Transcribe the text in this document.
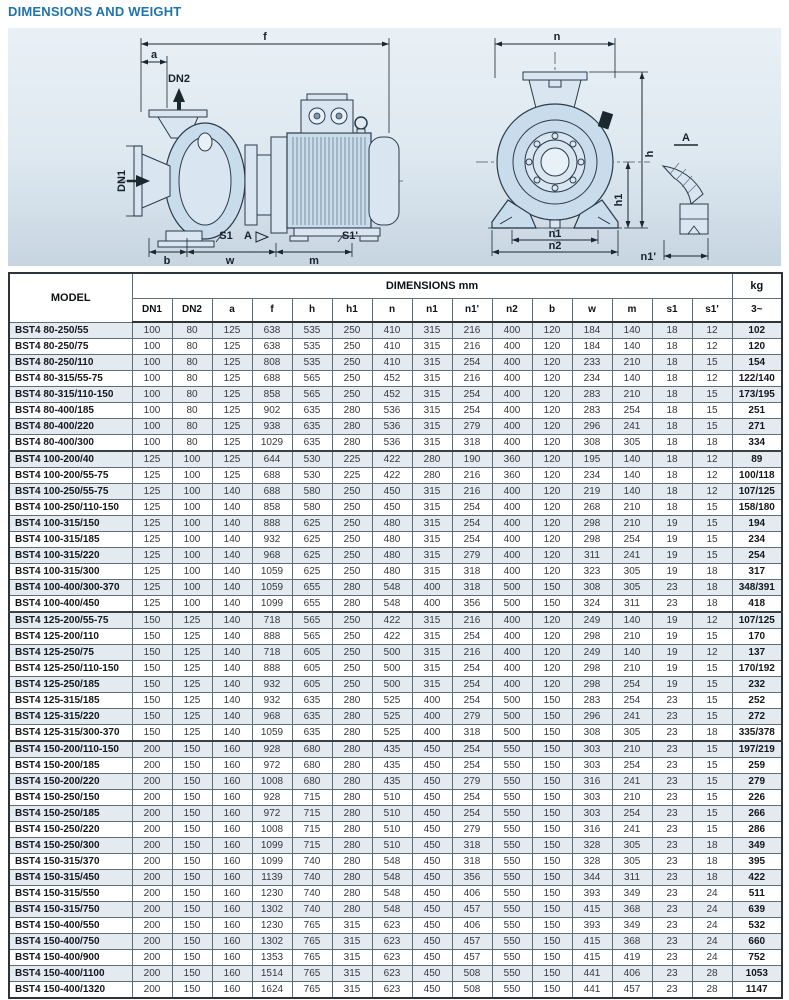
DIMENSIONS AND WEIGHT
f
a
DN2
DN1
S1 A	S1'
b	w	m
n
h
h1
n1
n2
A
n1'
MODEL	DIMENSIONS mm															kg
	DN1	DN2	a	f	h	h1	n	n1	n1'	n2	b	w	m	s1	s1'	3~
BST4 80-250/55	100	80	125	638	535	250	410	315	216	400	120	184	140	18	12	102
BST4 80-250/75	100	80	125	638	535	250	410	315	216	400	120	184	140	18	12	120
BST4 80-250/110	100	80	125	808	535	250	410	315	254	400	120	233	210	18	15	154
BST4 80-315/55-75	100	80	125	688	565	250	452	315	216	400	120	234	140	18	12	122/140
BST4 80-315/110-150	100	80	125	858	565	250	452	315	254	400	120	283	210	18	15	173/195
BST4 80-400/185	100	80	125	902	635	280	536	315	254	400	120	283	254	18	15	251
BST4 80-400/220	100	80	125	938	635	280	536	315	279	400	120	296	241	18	15	271
BST4 80-400/300	100	80	125	1029	635	280	536	315	318	400	120	308	305	18	18	334
BST4 100-200/40	125	100	125	644	530	225	422	280	190	360	120	195	140	18	12	89
BST4 100-200/55-75	125	100	125	688	530	225	422	280	216	360	120	234	140	18	12	100/118
BST4 100-250/55-75	125	100	140	688	580	250	450	315	216	400	120	219	140	18	12	107/125
BST4 100-250/110-150	125	100	140	858	580	250	450	315	254	400	120	268	210	18	15	158/180
BST4 100-315/150	125	100	140	888	625	250	480	315	254	400	120	298	210	19	15	194
BST4 100-315/185	125	100	140	932	625	250	480	315	254	400	120	298	254	19	15	234
BST4 100-315/220	125	100	140	968	625	250	480	315	279	400	120	311	241	19	15	254
BST4 100-315/300	125	100	140	1059	625	250	480	315	318	400	120	323	305	19	18	317
BST4 100-400/300-370	125	100	140	1059	655	280	548	400	318	500	150	308	305	23	18	348/391
BST4 100-400/450	125	100	140	1099	655	280	548	400	356	500	150	324	311	23	18	418
BST4 125-200/55-75	150	125	140	718	565	250	422	315	216	400	120	249	140	19	12	107/125
BST4 125-200/110	150	125	140	888	565	250	422	315	254	400	120	298	210	19	15	170
BST4 125-250/75	150	125	140	718	605	250	500	315	216	400	120	249	140	19	12	137
BST4 125-250/110-150	150	125	140	888	605	250	500	315	254	400	120	298	210	19	15	170/192
BST4 125-250/185	150	125	140	932	605	250	500	315	254	400	120	298	254	19	15	232
BST4 125-315/185	150	125	140	932	635	280	525	400	254	500	150	283	254	23	15	252
BST4 125-315/220	150	125	140	968	635	280	525	400	279	500	150	296	241	23	15	272
BST4 125-315/300-370	150	125	140	1059	635	280	525	400	318	500	150	308	305	23	18	335/378
BST4 150-200/110-150	200	150	160	928	680	280	435	450	254	550	150	303	210	23	15	197/219
BST4 150-200/185	200	150	160	972	680	280	435	450	254	550	150	303	254	23	15	259
BST4 150-200/220	200	150	160	1008	680	280	435	450	279	550	150	316	241	23	15	279
BST4 150-250/150	200	150	160	928	715	280	510	450	254	550	150	303	210	23	15	226
BST4 150-250/185	200	150	160	972	715	280	510	450	254	550	150	303	254	23	15	266
BST4 150-250/220	200	150	160	1008	715	280	510	450	279	550	150	316	241	23	15	286
BST4 150-250/300	200	150	160	1099	715	280	510	450	318	550	150	328	305	23	18	349
BST4 150-315/370	200	150	160	1099	740	280	548	450	318	550	150	328	305	23	18	395
BST4 150-315/450	200	150	160	1139	740	280	548	450	356	550	150	344	311	23	18	422
BST4 150-315/550	200	150	160	1230	740	280	548	450	406	550	150	393	349	23	24	511
BST4 150-315/750	200	150	160	1302	740	280	548	450	457	550	150	415	368	23	24	639
BST4 150-400/550	200	150	160	1230	765	315	623	450	406	550	150	393	349	23	24	532
BST4 150-400/750	200	150	160	1302	765	315	623	450	457	550	150	415	368	23	24	660
BST4 150-400/900	200	150	160	1353	765	315	623	450	457	550	150	415	419	23	24	752
BST4 150-400/1100	200	150	160	1514	765	315	623	450	508	550	150	441	406	23	28	1053
BST4 150-400/1320	200	150	160	1624	765	315	623	450	508	550	150	441	457	23	28	1147
